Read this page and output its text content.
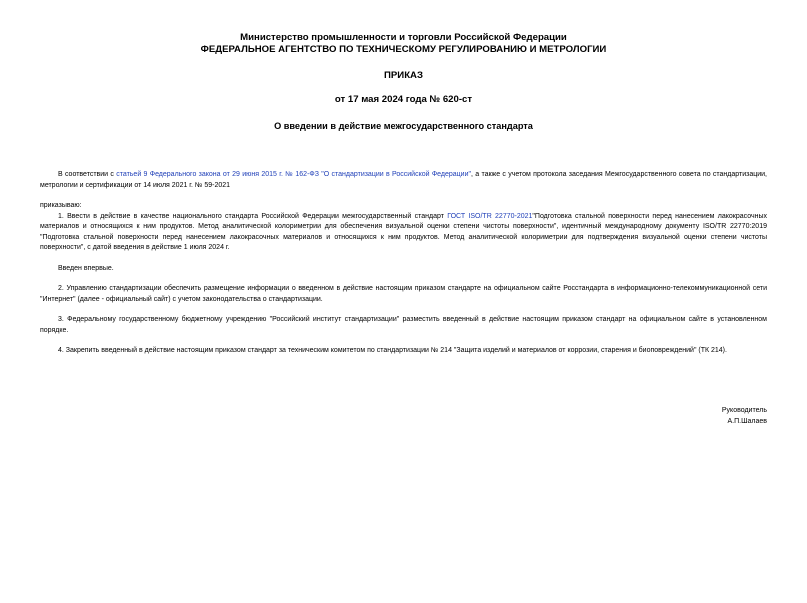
Министерство промышленности и торговли Российской Федерации
ФЕДЕРАЛЬНОЕ АГЕНТСТВО ПО ТЕХНИЧЕСКОМУ РЕГУЛИРОВАНИЮ И МЕТРОЛОГИИ
ПРИКАЗ
от 17 мая 2024 года № 620-ст
О введении в действие межгосударственного стандарта

В соответствии с статьей 9 Федерального закона от 29 июня 2015 г. № 162-ФЗ "О стандартизации в Российской Федерации", а также с учетом протокола заседания Межгосударственного совета по стандартизации, метрологии и сертификации от 14 июля 2021 г. № 59-2021

приказываю:

1. Ввести в действие в качестве национального стандарта Российской Федерации межгосударственный стандарт ГОСТ ISO/TR 22770-2021"Подготовка стальной поверхности перед нанесением лакокрасочных материалов и относящихся к ним продуктов. Метод аналитической колориметрии для обеспечения визуальной оценки степени чистоты поверхности", идентичный международному документу ISO/TR 22770:2019 "Подготовка стальной поверхности перед нанесением лакокрасочных материалов и относящихся к ним продуктов. Метод аналитической колориметрии для подтверждения визуальной оценки степени чистоты поверхности", с датой введения в действие 1 июля 2024 г.

Введен впервые.

2. Управлению стандартизации обеспечить размещение информации о введенном в действие настоящим приказом стандарте на официальном сайте Росстандарта в информационно-телекоммуникационной сети "Интернет" (далее - официальный сайт) с учетом законодательства о стандартизации.

3. Федеральному государственному бюджетному учреждению "Российский институт стандартизации" разместить введенный в действие настоящим приказом стандарт на официальном сайте в установленном порядке.

4. Закрепить введенный в действие настоящим приказом стандарт за техническим комитетом по стандартизации № 214 "Защита изделий и материалов от коррозии, старения и биоповреждений" (ТК 214).

Руководитель
А.П.Шалаев
